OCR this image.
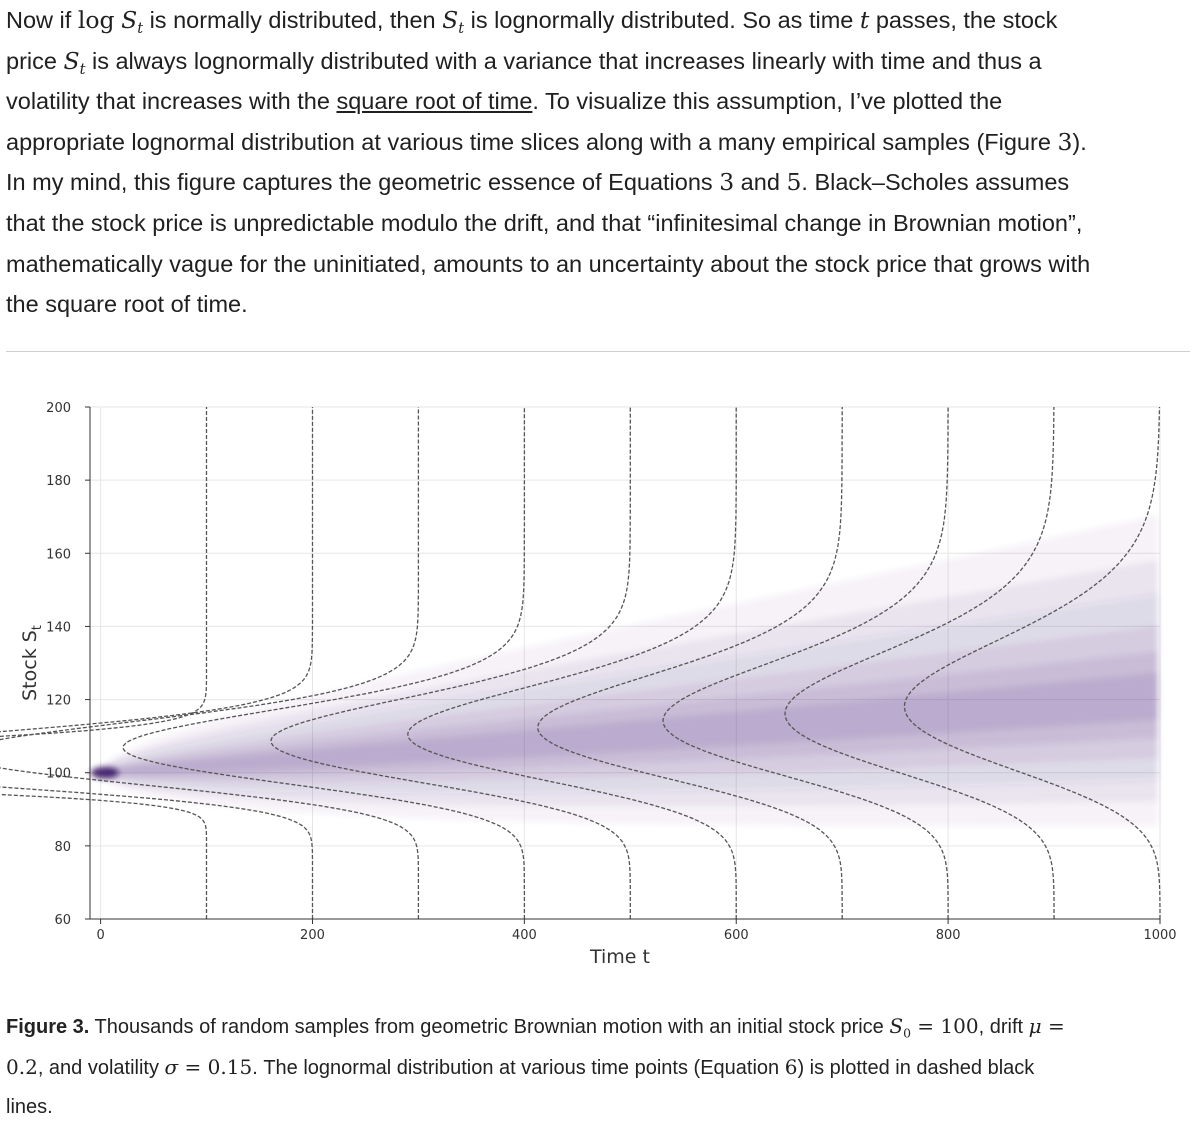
Now if $\log S_t$ is normally distributed, then $S_t$ is lognormally distributed. So as time t passes, the stock
price $S_t$ is always lognormally distributed with a variance that increases linearly with time and thus a
volatility that increases with the square root of time. To visualize this assumption, I’ve plotted the
appropriate lognormal distribution at various time slices along with a many empirical samples (Figure 3).
In my mind, this figure captures the geometric essence of Equations 3 and 5. Black–Scholes assumes
that the stock price is unpredictable modulo the drift, and that “infinitesimal change in Brownian motion”,
mathematically vague for the uninitiated, amounts to an uncertainty about the stock price that grows with
the square root of time.
0	200	400	600	800	1000
60
80
100
120
140
160
180
200
Time t
Stock $S_t$
Figure 3. Thousands of random samples from geometric Brownian motion with an initial stock price $S_0 = 100$, drift μ =
0.2, and volatility σ = 0.15. The lognormal distribution at various time points (Equation 6) is plotted in dashed black
lines.
